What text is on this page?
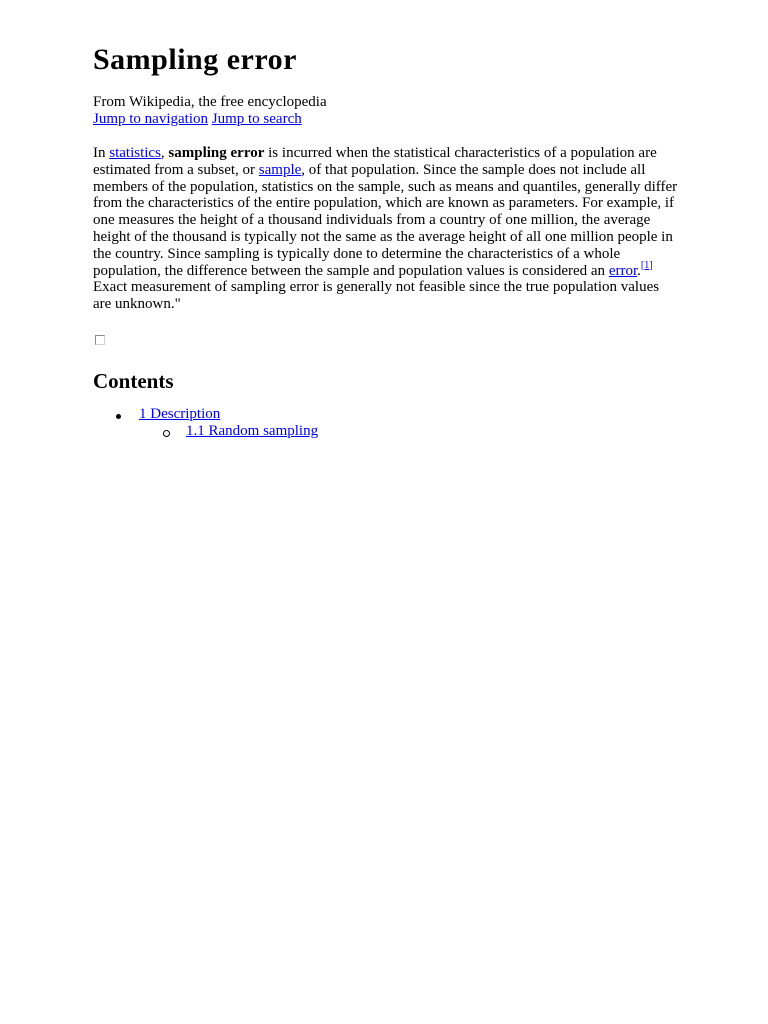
Sampling error
From Wikipedia, the free encyclopedia
Jump to navigation Jump to search
In statistics, sampling error is incurred when the statistical characteristics of a population are estimated from a subset, or sample, of that population. Since the sample does not include all members of the population, statistics on the sample, such as means and quantiles, generally differ from the characteristics of the entire population, which are known as parameters. For example, if one measures the height of a thousand individuals from a country of one million, the average height of the thousand is typically not the same as the average height of all one million people in the country. Since sampling is typically done to determine the characteristics of a whole population, the difference between the sample and population values is considered an error.[1] Exact measurement of sampling error is generally not feasible since the true population values are unknown."
Contents
1 Description
1.1 Random sampling
